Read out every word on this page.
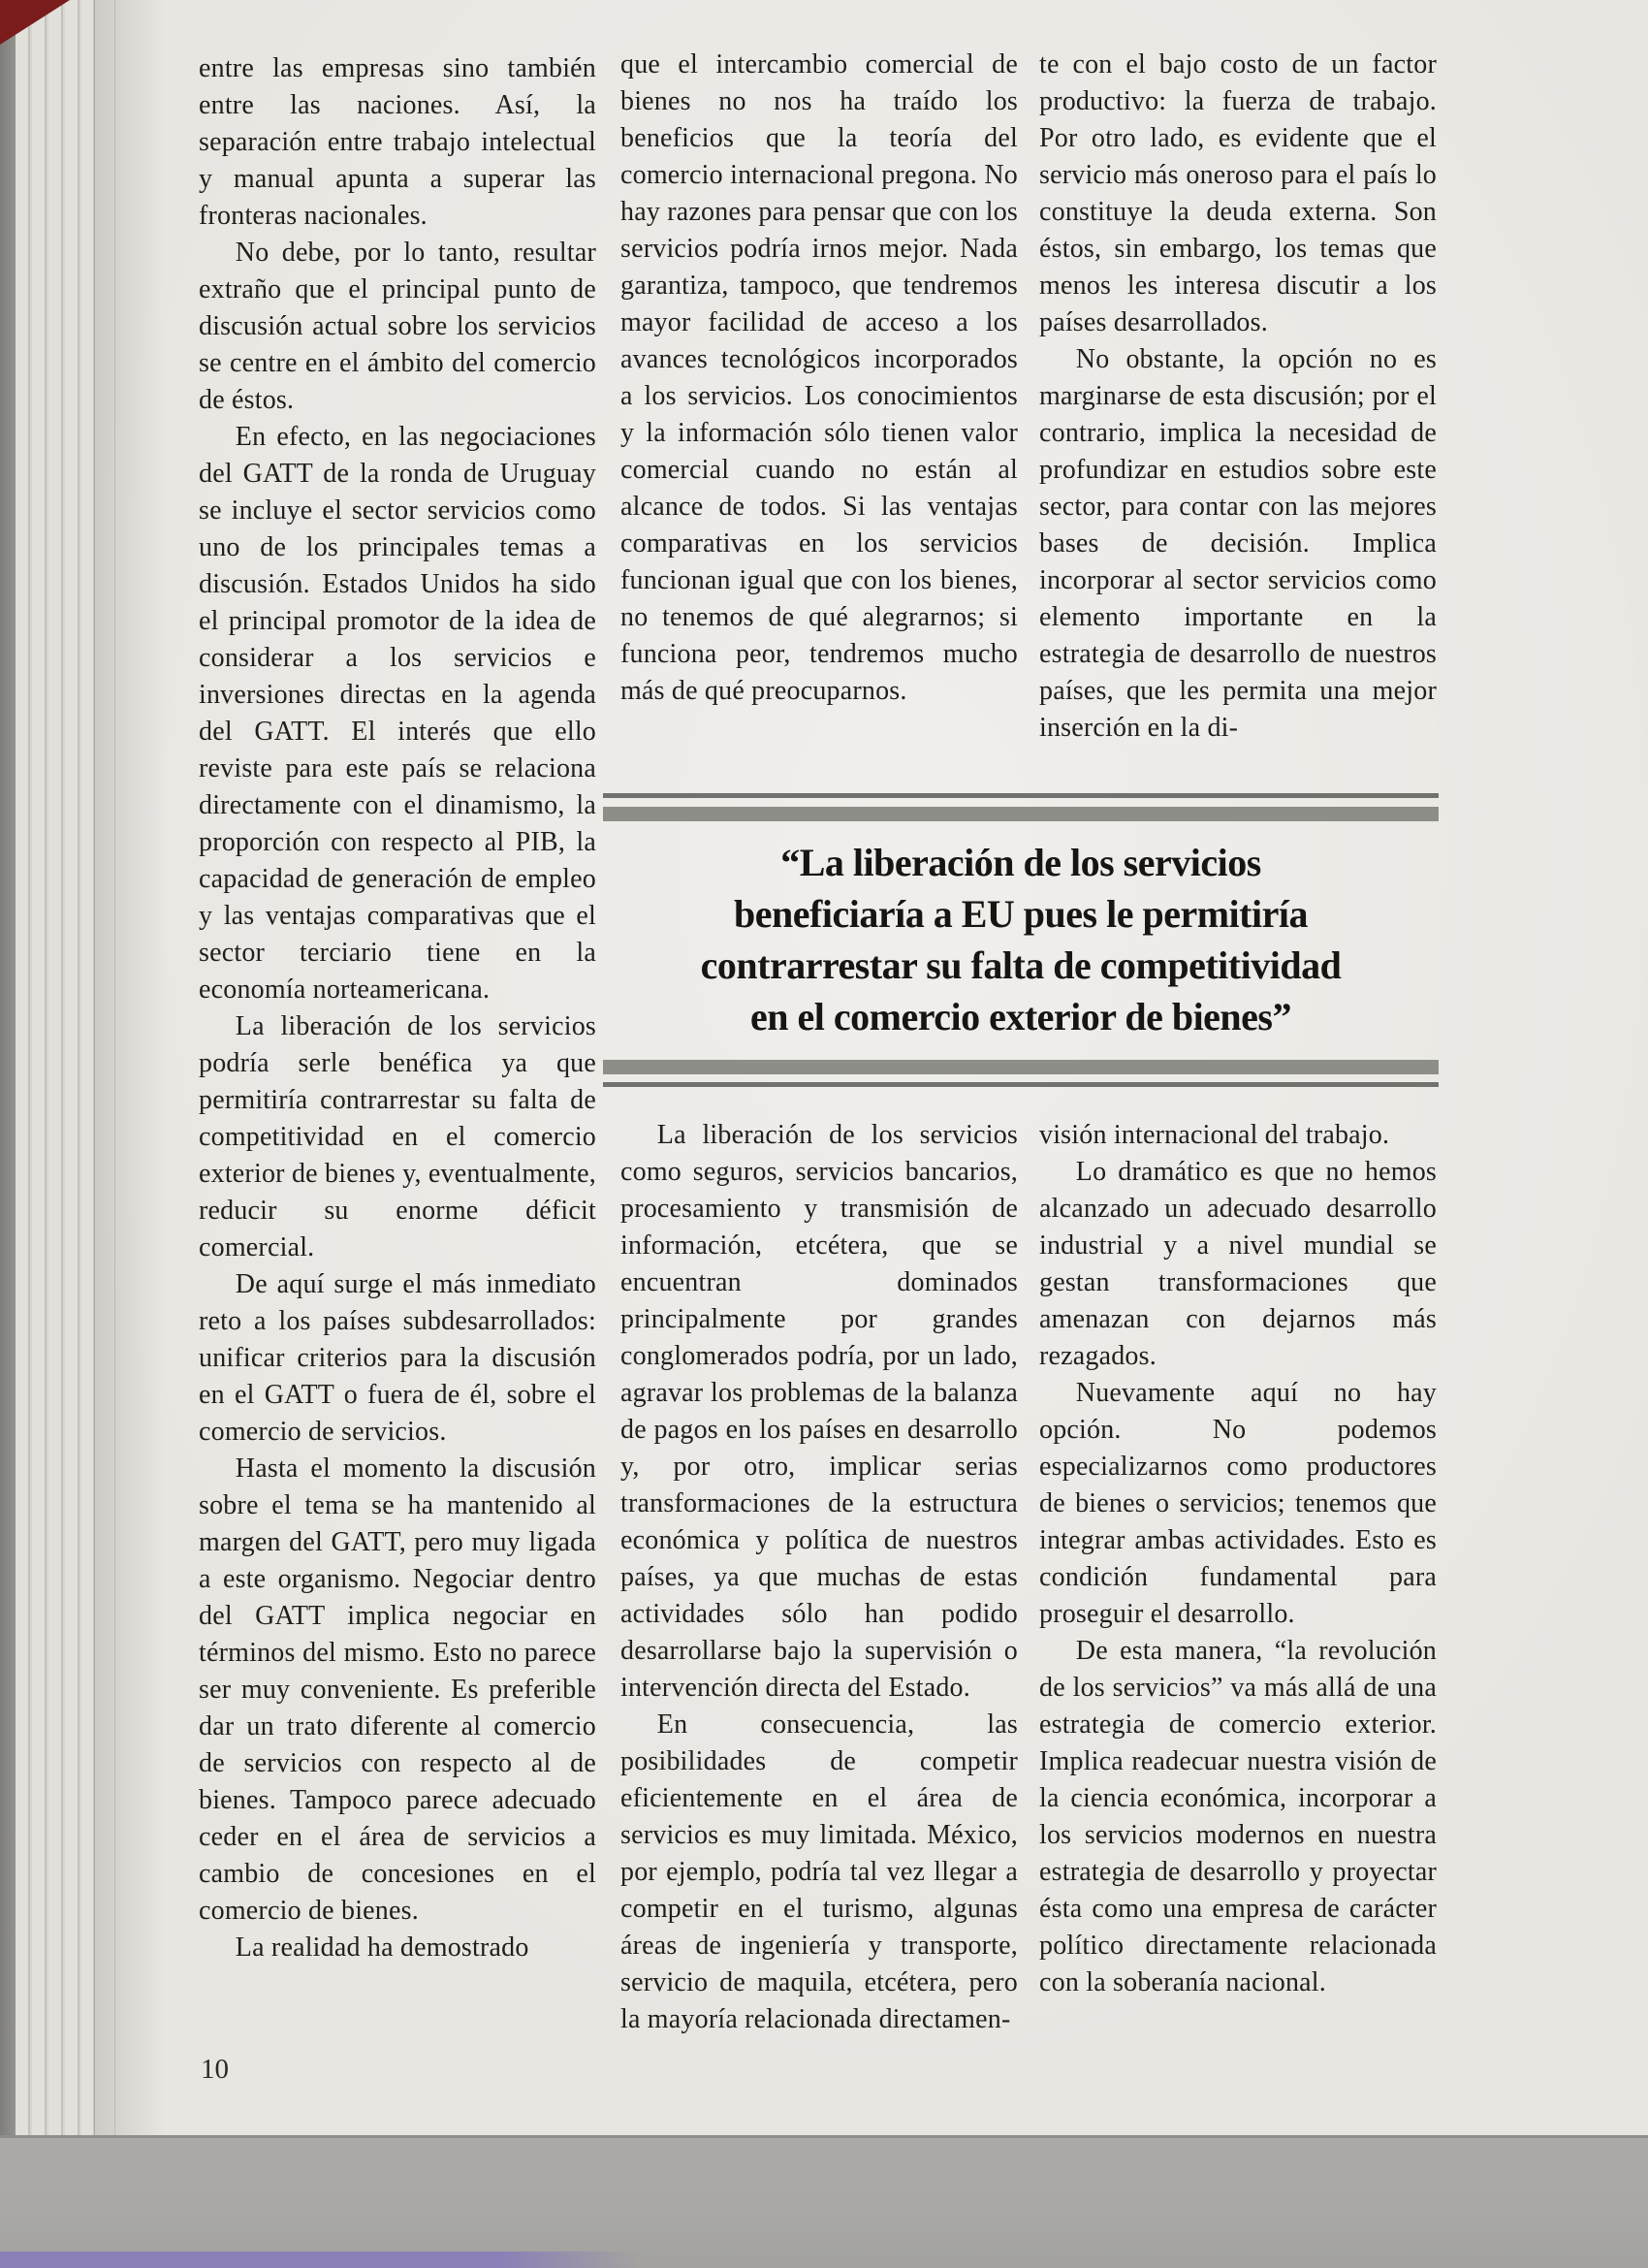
entre las empresas sino también entre las naciones. Así, la separación entre trabajo intelectual y manual apunta a superar las fronteras nacionales.

No debe, por lo tanto, resultar extraño que el principal punto de discusión actual sobre los servicios se centre en el ámbito del comercio de éstos.

En efecto, en las negociaciones del GATT de la ronda de Uruguay se incluye el sector servicios como uno de los principales temas a discusión. Estados Unidos ha sido el principal promotor de la idea de considerar a los servicios e inversiones directas en la agenda del GATT. El interés que ello reviste para este país se relaciona directamente con el dinamismo, la proporción con respecto al PIB, la capacidad de generación de empleo y las ventajas comparativas que el sector terciario tiene en la economía norteamericana.

La liberación de los servicios podría serle benéfica ya que permitiría contrarrestar su falta de competitividad en el comercio exterior de bienes y, eventualmente, reducir su enorme déficit comercial.

De aquí surge el más inmediato reto a los países subdesarrollados: unificar criterios para la discusión en el GATT o fuera de él, sobre el comercio de servicios.

Hasta el momento la discusión sobre el tema se ha mantenido al margen del GATT, pero muy ligada a este organismo. Negociar dentro del GATT implica negociar en términos del mismo. Esto no parece ser muy conveniente. Es preferible dar un trato diferente al comercio de servicios con respecto al de bienes. Tampoco parece adecuado ceder en el área de servicios a cambio de concesiones en el comercio de bienes.

La realidad ha demostrado

que el intercambio comercial de bienes no nos ha traído los beneficios que la teoría del comercio internacional pregona. No hay razones para pensar que con los servicios podría irnos mejor. Nada garantiza, tampoco, que tendremos mayor facilidad de acceso a los avances tecnológicos incorporados a los servicios. Los conocimientos y la información sólo tienen valor comercial cuando no están al alcance de todos. Si las ventajas comparativas en los servicios funcionan igual que con los bienes, no tenemos de qué alegrarnos; si funciona peor, tendremos mucho más de qué preocuparnos.

te con el bajo costo de un factor productivo: la fuerza de trabajo. Por otro lado, es evidente que el servicio más oneroso para el país lo constituye la deuda externa. Son éstos, sin embargo, los temas que menos les interesa discutir a los países desarrollados.

No obstante, la opción no es marginarse de esta discusión; por el contrario, implica la necesidad de profundizar en estudios sobre este sector, para contar con las mejores bases de decisión. Implica incorporar al sector servicios como elemento importante en la estrategia de desarrollo de nuestros países, que les permita una mejor inserción en la di-

“La liberación de los servicios
beneficiaría a EU pues le permitiría
contrarrestar su falta de competitividad
en el comercio exterior de bienes”

La liberación de los servicios como seguros, servicios bancarios, procesamiento y transmisión de información, etcétera, que se encuentran dominados principalmente por grandes conglomerados podría, por un lado, agravar los problemas de la balanza de pagos en los países en desarrollo y, por otro, implicar serias transformaciones de la estructura económica y política de nuestros países, ya que muchas de estas actividades sólo han podido desarrollarse bajo la supervisión o intervención directa del Estado.

En consecuencia, las posibilidades de competir eficientemente en el área de servicios es muy limitada. México, por ejemplo, podría tal vez llegar a competir en el turismo, algunas áreas de ingeniería y transporte, servicio de maquila, etcétera, pero la mayoría relacionada directamen-

visión internacional del trabajo.

Lo dramático es que no hemos alcanzado un adecuado desarrollo industrial y a nivel mundial se gestan transformaciones que amenazan con dejarnos más rezagados.

Nuevamente aquí no hay opción. No podemos especializarnos como productores de bienes o servicios; tenemos que integrar ambas actividades. Esto es condición fundamental para proseguir el desarrollo.

De esta manera, “la revolución de los servicios” va más allá de una estrategia de comercio exterior. Implica readecuar nuestra visión de la ciencia económica, incorporar a los servicios modernos en nuestra estrategia de desarrollo y proyectar ésta como una empresa de carácter político directamente relacionada con la soberanía nacional.

10
